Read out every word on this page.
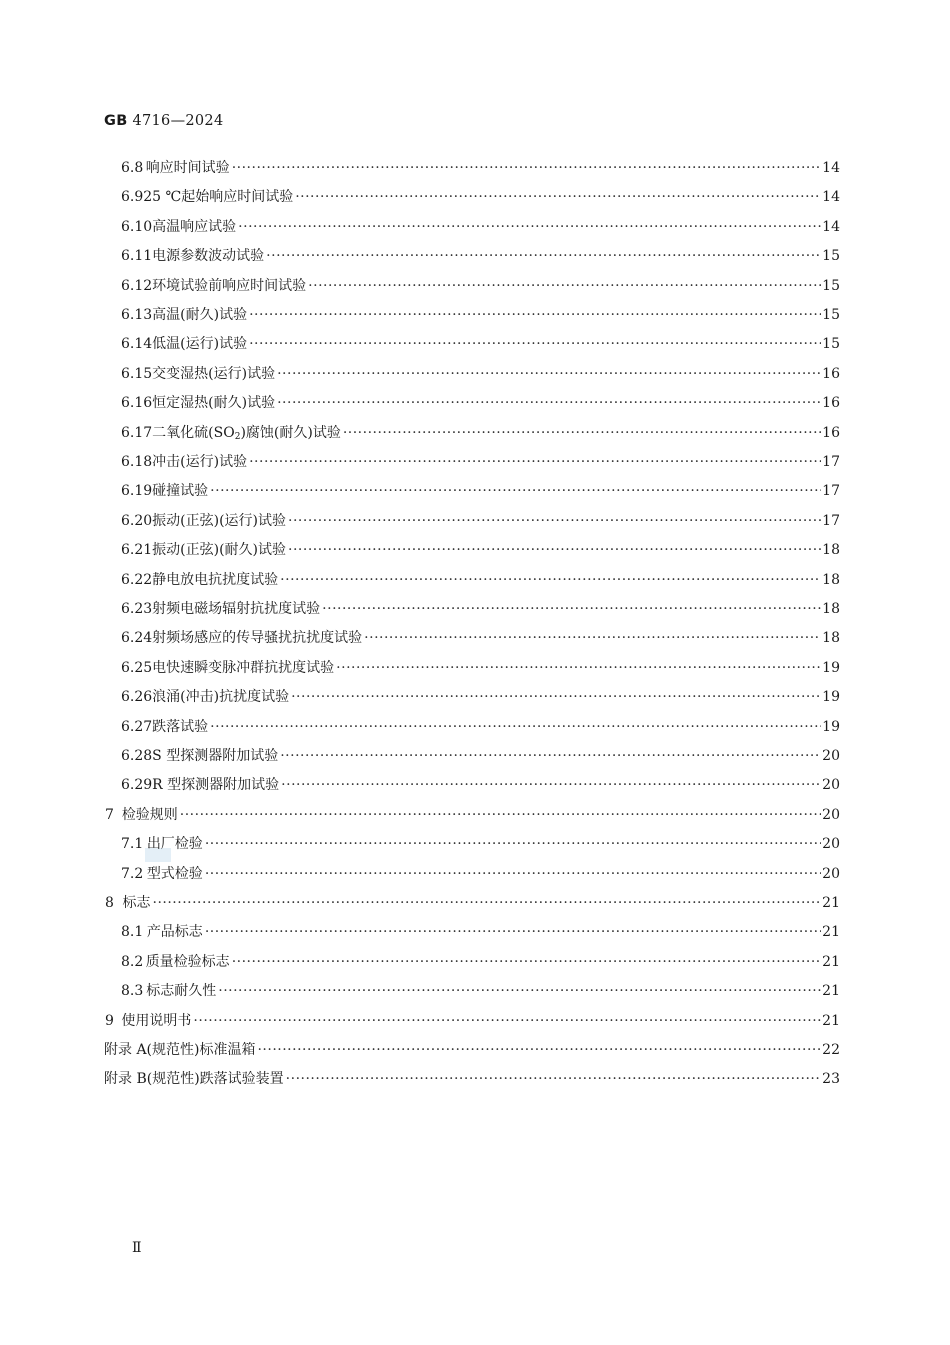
GB 4716—2024
6.8 响应时间试验 ·····	14
6.9 25 ℃起始响应时间试验 ·····	14
6.10 高温响应试验 ·····	14
6.11 电源参数波动试验 ·····	15
6.12 环境试验前响应时间试验 ·····	15
6.13 高温(耐久)试验 ·····	15
6.14 低温(运行)试验 ·····	15
6.15 交变湿热(运行)试验 ·····	16
6.16 恒定湿热(耐久)试验 ·····	16
6.17 二氧化硫$(SO_2)$腐蚀(耐久)试验 ·····	16
6.18 冲击(运行)试验 ·····	17
6.19 碰撞试验 ·····	17
6.20 振动(正弦)(运行)试验 ·····	17
6.21 振动(正弦)(耐久)试验 ·····	18
6.22 静电放电抗扰度试验 ·····	18
6.23 射频电磁场辐射抗扰度试验 ·····	18
6.24 射频场感应的传导骚扰抗扰度试验 ·····	18
6.25 电快速瞬变脉冲群抗扰度试验 ·····	19
6.26 浪涌(冲击)抗扰度试验 ·····	19
6.27 跌落试验 ·····	19
6.28 S 型探测器附加试验 ·····	20
6.29 R 型探测器附加试验 ·····	20
7 检验规则 ·····	20
7.1 出厂检验 ·····	20
7.2 型式检验 ·····	20
8 标志 ·····	21
8.1 产品标志 ·····	21
8.2 质量检验标志 ·····	21
8.3 标志耐久性 ·····	21
9 使用说明书 ·····	21
附录 A(规范性) 标准温箱 ·····	22
附录 B(规范性) 跌落试验装置 ·····	23
Ⅱ
